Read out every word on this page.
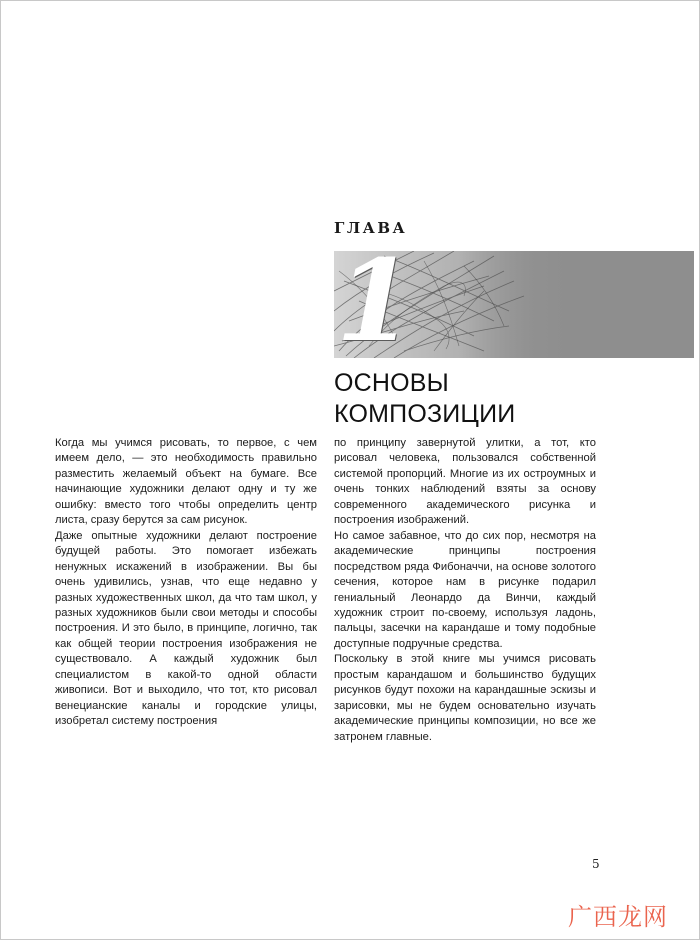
ГЛАВА
1
ОСНОВЫ
КОМПОЗИЦИИ

Когда мы учимся рисовать, то первое, с чем имеем дело, — это необходимость правильно разместить желаемый объект на бумаге. Все начинающие художники делают одну и ту же ошибку: вместо того чтобы определить центр листа, сразу берутся за сам рисунок.

Даже опытные художники делают построение будущей работы. Это помогает избежать ненужных искажений в изображении. Вы бы очень удивились, узнав, что еще недавно у разных художественных школ, да что там школ, у разных художников были свои методы и способы построения. И это было, в принципе, логично, так как общей теории построения изображения не существовало. А каждый художник был специалистом в какой-то одной области живописи. Вот и выходило, что тот, кто рисовал венецианские каналы и городские улицы, изобретал систему построения

по принципу завернутой улитки, а тот, кто рисовал человека, пользовался собственной системой пропорций. Многие из их остроумных и очень тонких наблюдений взяты за основу современного академического рисунка и построения изображений.

Но самое забавное, что до сих пор, несмотря на академические принципы построения посредством ряда Фибоначчи, на основе золотого сечения, которое нам в рисунке подарил гениальный Леонардо да Винчи, каждый художник строит по-своему, используя ладонь, пальцы, засечки на карандаше и тому подобные доступные подручные средства.

Поскольку в этой книге мы учимся рисовать простым карандашом и большинство будущих рисунков будут похожи на карандашные эскизы и зарисовки, мы не будем основательно изучать академические принципы композиции, но все же затронем главные.

5
广西龙网
